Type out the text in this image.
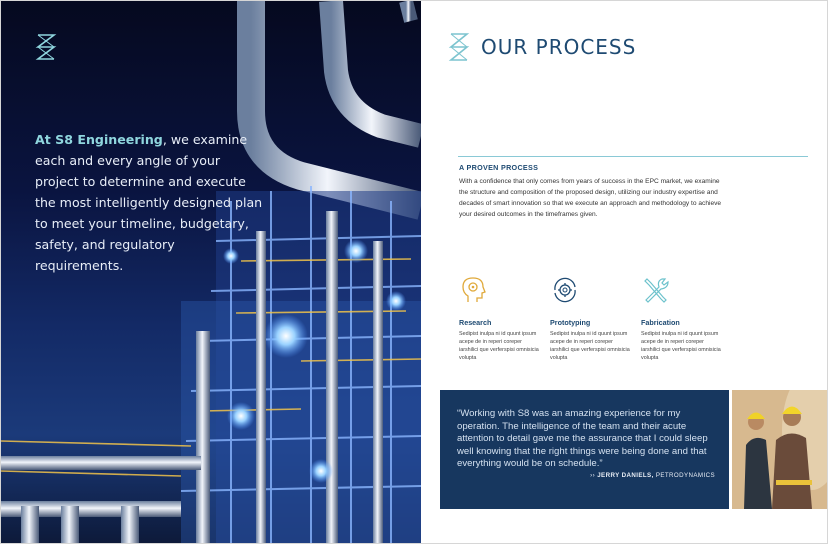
At S8 Engineering, we examine each and every angle of your project to determine and execute the most intelligently designed plan to meet your timeline, budgetary, safety, and regulatory requirements.
OUR PROCESS
A PROVEN PROCESS
With a confidence that only comes from years of success in the EPC market, we examine the structure and composition of the proposed design, utilizing our industry expertise and decades of smart innovation so that we execute an approach and methodology to achieve your desired outcomes in the timeframes given.
Research
Sedipist inulpa ni id quunt ipsum acepe de in reperi coreper iarshilici que verferspisi omnisicia volupta
Prototyping
Sedipist inulpa ni id quunt ipsum acepe de in reperi coreper iarshilici que verferspisi omnisicia volupta
Fabrication
Sedipist inulpa ni id quunt ipsum acepe de in reperi coreper iarshilici que verferspisi omnisicia volupta
“Working with S8 was an amazing experience for my operation. The intelligence of the team and their acute attention to detail gave me the assurance that I could sleep well knowing that the right things were being done and that everything would be on schedule.”
›› JERRY DANIELS, PETRODYNAMICS
